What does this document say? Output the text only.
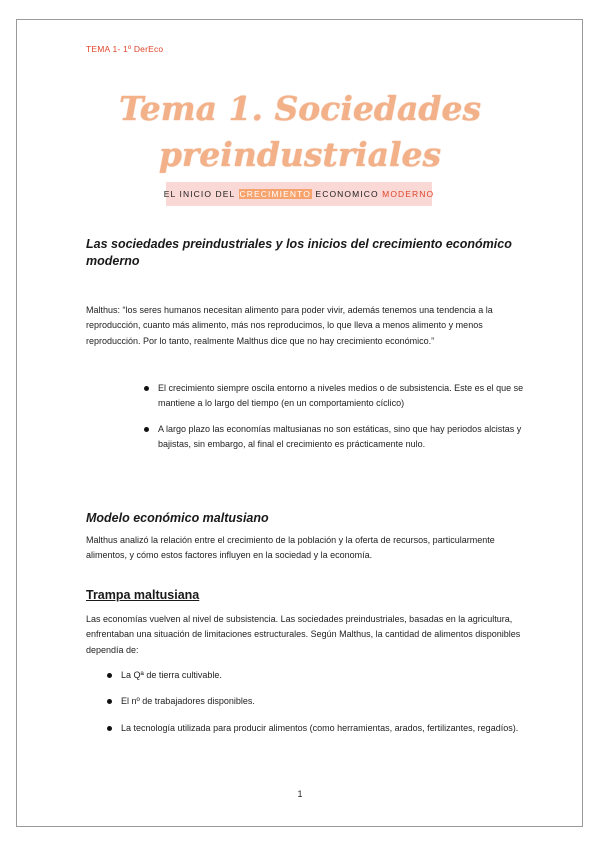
TEMA 1- 1º DerEco
Tema 1. Sociedades
preindustriales
EL INICIO DEL CRECIMIENTO ECONOMICO MODERNO
Las sociedades preindustriales y los inicios del crecimiento económico moderno
Malthus: “los seres humanos necesitan alimento para poder vivir, además tenemos una tendencia a la reproducción, cuanto más alimento, más nos reproducimos, lo que lleva a menos alimento y menos reproducción. Por lo tanto, realmente Malthus dice que no hay crecimiento económico.”
El crecimiento siempre oscila entorno a niveles medios o de subsistencia. Este es el que se mantiene a lo largo del tiempo (en un comportamiento cíclico)
A largo plazo las economías maltusianas no son estáticas, sino que hay periodos alcistas y bajistas, sin embargo, al final el crecimiento es prácticamente nulo.
Modelo económico maltusiano
Malthus analizó la relación entre el crecimiento de la población y la oferta de recursos, particularmente alimentos, y cómo estos factores influyen en la sociedad y la economía.
Trampa maltusiana
Las economías vuelven al nivel de subsistencia. Las sociedades preindustriales, basadas en la agricultura, enfrentaban una situación de limitaciones estructurales. Según Malthus, la cantidad de alimentos disponibles dependía de:
La Qª de tierra cultivable.
El nº de trabajadores disponibles.
La tecnología utilizada para producir alimentos (como herramientas, arados, fertilizantes, regadíos).
1
